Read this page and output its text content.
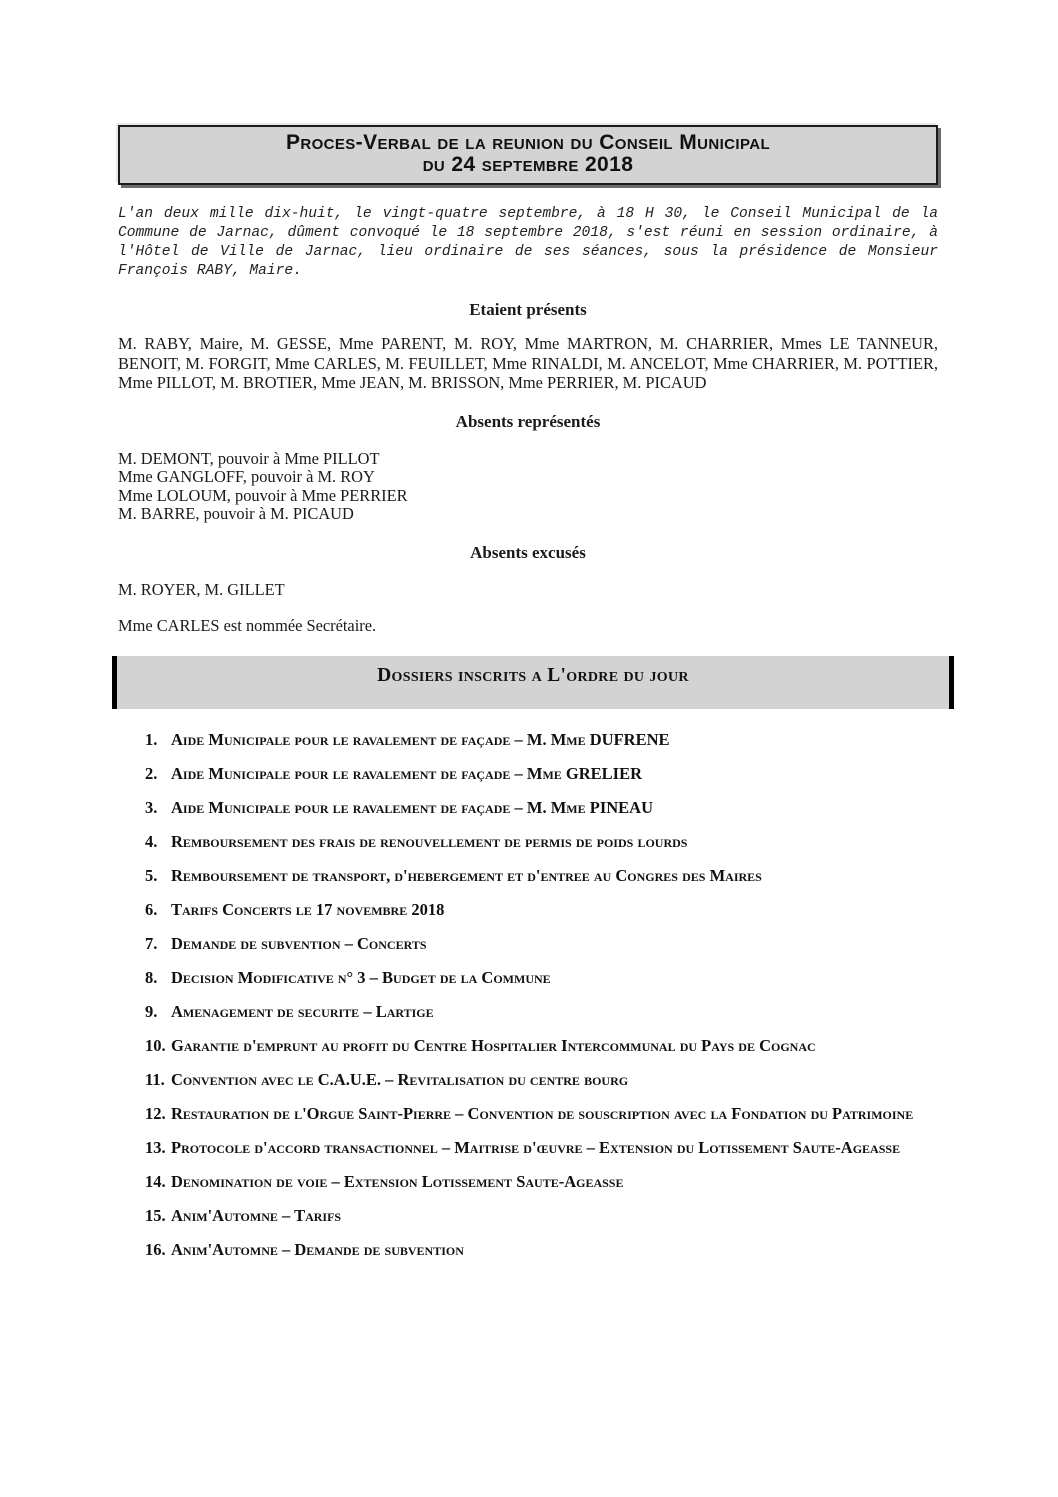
Proces-Verbal de la reunion du Conseil Municipal
du 24 septembre 2018

L'an deux mille dix-huit, le vingt-quatre septembre, à 18 H 30, le Conseil Municipal de la Commune de Jarnac, dûment convoqué le 18 septembre 2018, s'est réuni en session ordinaire, à l'Hôtel de Ville de Jarnac, lieu ordinaire de ses séances, sous la présidence de Monsieur François RABY, Maire.

Etaient présents

M. RABY, Maire, M. GESSE, Mme PARENT, M. ROY, Mme MARTRON, M. CHARRIER, Mmes LE TANNEUR, BENOIT, M. FORGIT, Mme CARLES, M. FEUILLET, Mme RINALDI, M. ANCELOT, Mme CHARRIER, M. POTTIER, Mme PILLOT, M. BROTIER, Mme JEAN, M. BRISSON, Mme PERRIER, M. PICAUD

Absents représentés
M. DEMONT, pouvoir à Mme PILLOT
Mme GANGLOFF, pouvoir à M. ROY
Mme LOLOUM, pouvoir à Mme PERRIER
M. BARRE, pouvoir à M. PICAUD
Absents excusés

M. ROYER, M. GILLET

Mme CARLES est nommée Secrétaire.

Dossiers inscrits a L'ordre du jour
Aide Municipale pour le ravalement de façade – M. Mme DUFRENE
Aide Municipale pour le ravalement de façade – Mme GRELIER
Aide Municipale pour le ravalement de façade – M. Mme PINEAU
Remboursement des frais de renouvellement de permis de poids lourds
Remboursement de transport, d'hebergement et d'entree au Congres des Maires
Tarifs Concerts le 17 novembre 2018
Demande de subvention – Concerts
Decision Modificative n° 3 – Budget de la Commune
Amenagement de securite – Lartige
Garantie d'emprunt au profit du Centre Hospitalier Intercommunal du Pays de Cognac
Convention avec le C.A.U.E. – Revitalisation du centre bourg
Restauration de l'Orgue Saint-Pierre – Convention de souscription avec la Fondation du Patrimoine
Protocole d'accord transactionnel – Maitrise d'œuvre – Extension du Lotissement Saute-Ageasse
Denomination de voie – Extension Lotissement Saute-Ageasse
Anim'Automne – Tarifs
Anim'Automne – Demande de subvention
